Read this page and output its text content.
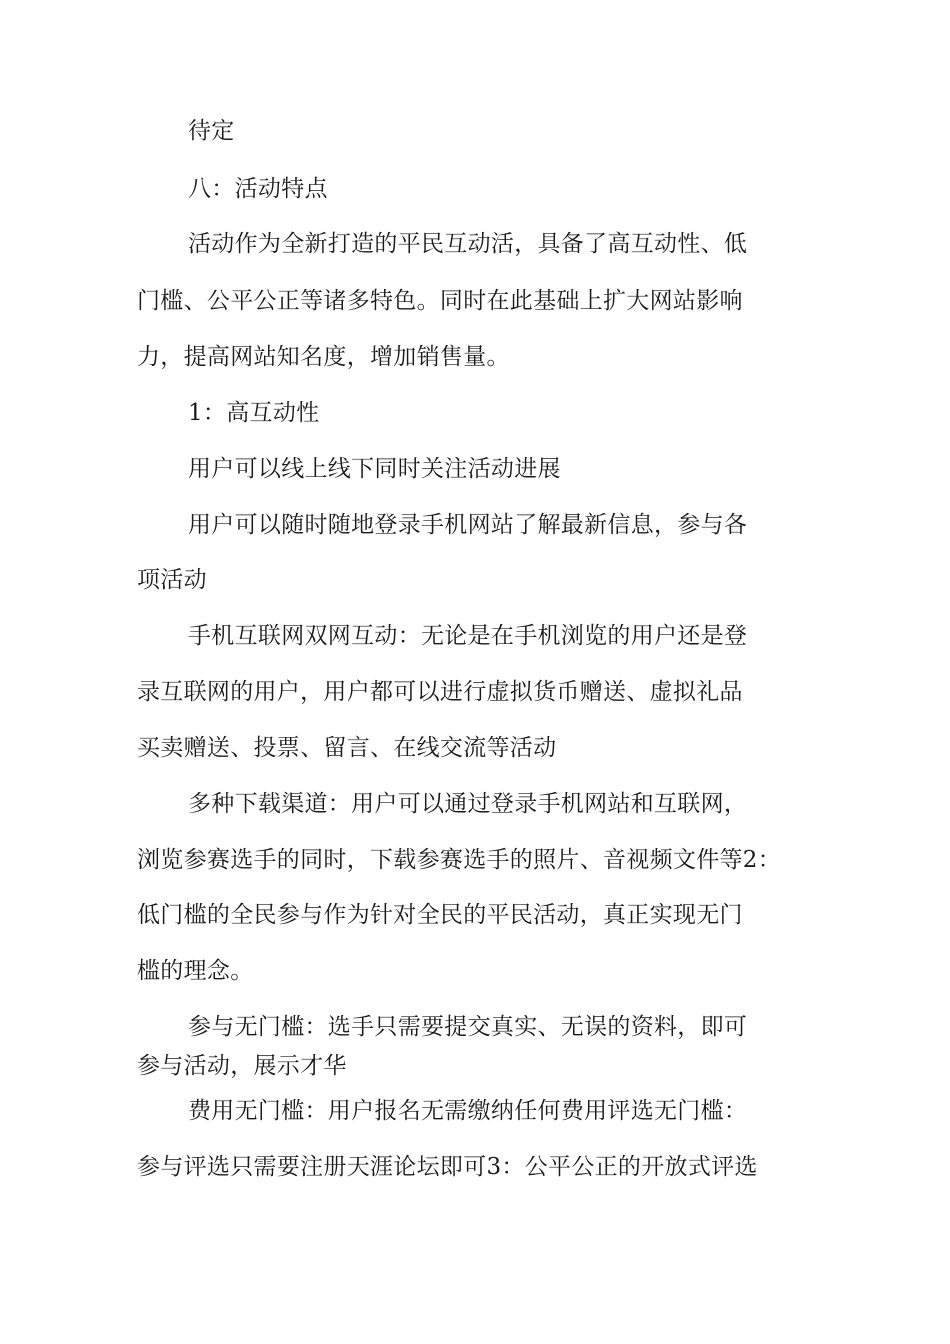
待定
八：活动特点
活动作为全新打造的平民互动活，具备了高互动性、低
门槛、公平公正等诸多特色。同时在此基础上扩大网站影响
力，提高网站知名度，增加销售量。
1：高互动性
用户可以线上线下同时关注活动进展
用户可以随时随地登录手机网站了解最新信息，参与各
项活动
手机互联网双网互动：无论是在手机浏览的用户还是登
录互联网的用户，用户都可以进行虚拟货币赠送、虚拟礼品
买卖赠送、投票、留言、在线交流等活动
多种下载渠道：用户可以通过登录手机网站和互联网，
浏览参赛选手的同时，下载参赛选手的照片、音视频文件等2：
低门槛的全民参与作为针对全民的平民活动，真正实现无门
槛的理念。
参与无门槛：选手只需要提交真实、无误的资料，即可
参与活动，展示才华
费用无门槛：用户报名无需缴纳任何费用评选无门槛：
参与评选只需要注册天涯论坛即可3：公平公正的开放式评选
